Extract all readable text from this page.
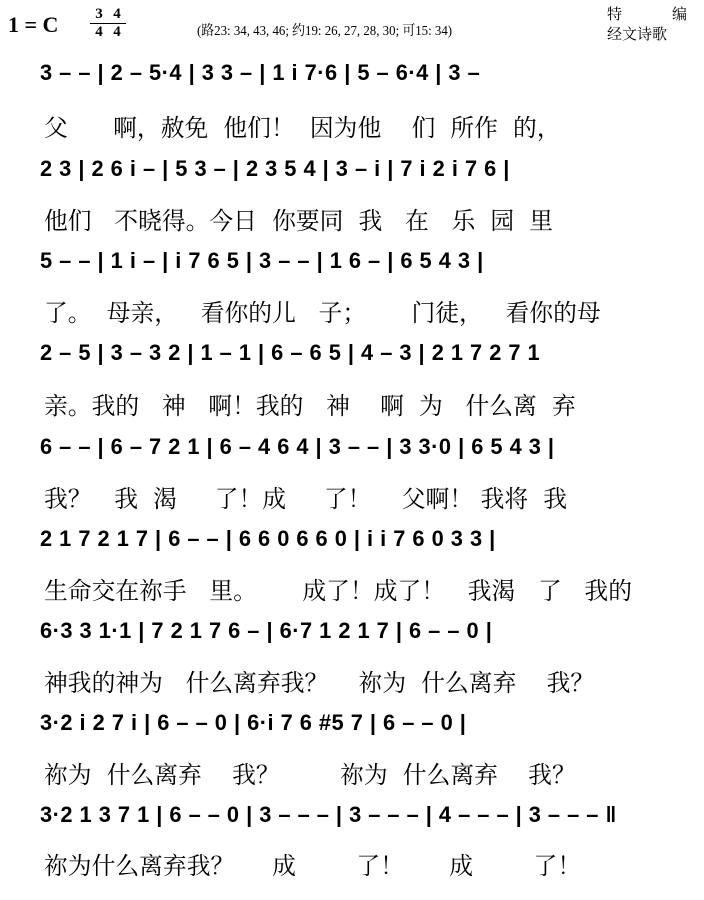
1 = C $\frac{3}{4} \frac{4}{4}$	(路23: 34, 43, 46; 约19: 26, 27, 28, 30; 可15: 34)
特	编
经文诗歌
3 – – | 2 – 5·4 | 3 3 – | 1 i 7·6 | 5 – 6·4 | 3 –
父      啊，赦免  他们！  因为他    们  所作  的，
2 3 | 2 6 i – | 5 3 – | 2 3 5 4 | 3 – i | 7 i 2 i 7 6 |
他们   不晓得。今日  你要同  我   在   乐  园  里
5 – – | 1 i – | i 7 6 5 | 3 – – | 1 6 – | 6 5 4 3 |
了。  母亲，   看你的儿   子；      门徒，   看你的母
2 – 5 | 3 – 3 2 | 1 – 1 | 6 – 6 5 | 4 – 3 | 2 1 7 2 7 1
亲。我的   神   啊！我的   神    啊  为   什么离  弃
6 – – | 6 – 7 2 1 | 6 – 4 6 4 | 3 – – | 3 3·0 | 6 5 4 3 |
我？   我  渴     了！成     了！    父啊！ 我将  我
2 1 7 2 1 7 | 6 – – | 6 6 0 6 6 0 | i i 7 6 0 3 3 |
生命交在祢手   里。      成了！成了！   我渴   了   我的
6·3 3 1·1 | 7 2 1 7 6 – | 6·7 1 2 1 7 | 6 – – 0 |
神我的神为   什么离弃我？    祢为  什么离弃    我？
3·2 i 2 7 i | 6 – – 0 | 6·i 7 6 #5 7 | 6 – – 0 |
祢为  什么离弃    我？        祢为  什么离弃    我？
3·2 1 3 7 1 | 6 – – 0 | 3 – – – | 3 – – – | 4 – – – | 3 – – – ‖
祢为什么离弃我？     成        了！      成        了！
